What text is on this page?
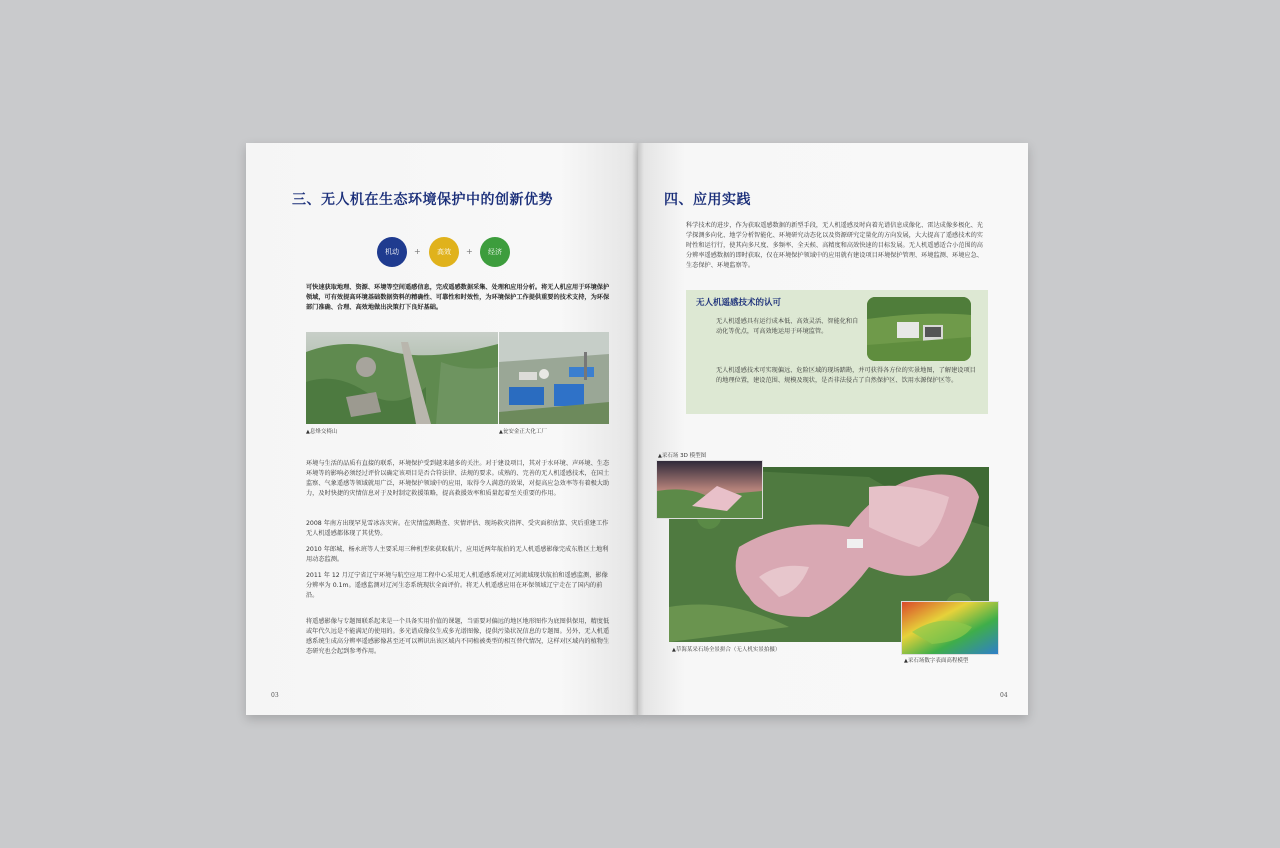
三、无人机在生态环境保护中的创新优势
机动	+	高效	+	经济
可快速获取地理、资源、环境等空间遥感信息，完成遥感数据采集、处理和应用分析。将无人机应用于环境保护领域，可有效提高环境基础数据资料的精确性、可靠性和时效性，为环境保护工作提供重要的技术支持，为环保部门准确、合理、高效地做出决策打下良好基础。
▲ 息烽交椅山
▲	瓮安金正大化工厂
环境与生活的品质有直接的联系，环境保护受到越来越多的关注。对于建设项目，其对于水环境、声环境、生态环境等的影响必须经过评价以确定该项目是否合符法律、法规的要求。成熟的、完善的无人机遥感技术，在国土监察、气象遥感等领域就用广泛，环境保护领域中的应用，取得令人满意的效果，对提高应急效率等有着极大助力，及时快捷的灾情信息对于及时制定救援策略，提高救援效率和质量起着至关重要的作用。
2008 年南方出现罕见雪冰冻灾害。在灾情监测勘查、灾情评估、现场救灾指挥、受灾面积估算、灾后重建工作无人机遥感都体现了其优势。
2010 年郎城、杨永班等人主要采用三种机型来获取航片，应用近两年航拍的无人机遥感影像完成东胜区土地利用动态监测。
2011 年 12 月辽宁省辽宁环境与航空应用工程中心采用无人机遥感系统对辽河流域现状航拍和遥感监测，影像分辨率为 0.1m。遥感监测对辽河生态系统现状全面评价。将无人机遥感应用在环保领域辽宁走在了国内的前沿。
将遥感影像与专题图联系起来是一个具备实用价值的课题，当需要对偏远的地区地形图作为底图供保用，精度低或年代久远是不能满足的使用的。多光谱成像仪生成多光谱图像，提供污染状况信息的专题图。另外，无人机遥感系统生成高分辨率遥感影像甚至还可以辨识出该区域内不同植被类型的相互替代情况，这样对区域内的植物生态研究也会起到参考作用。
03
四、应用实践
科学技术的进步，作为获取遥感数据的新型手段，无人机遥感及时向着光谱信息成像化、雷达成像多极化、光学探测多向化、地学分析智能化、环境研究动态化以及资源研究定量化的方向发展，大大提高了遥感技术的实时性和运行行，使其向多尺度、多频率、全天候、高精度和高效快速的目标发展。无人机遥感适合小范围的高分辨率遥感数据的即时获取，仅在环境保护领域中的应用就有建设项目环境保护管理、环境监测、环境应急、生态保护、环境监察等。
无人机遥感技术的认可
无人机遥感具有运行成本低、高效灵活、智能化和自动化等优点，可高效地运用于环境监管。
无人机遥感技术可实现偏远、危险区域的现场踏勘，并可获得各方位的实景地图，了解建设项目的地理位置，建设范围、规模及现状，是否非法侵占了自然保护区、饮用水源保护区等。
▲ 采石场 3D 模型图
▲ 草海某采石场全景拼合（无人机实景拍摄）
▲ 采石场数字表面高程模型
04
